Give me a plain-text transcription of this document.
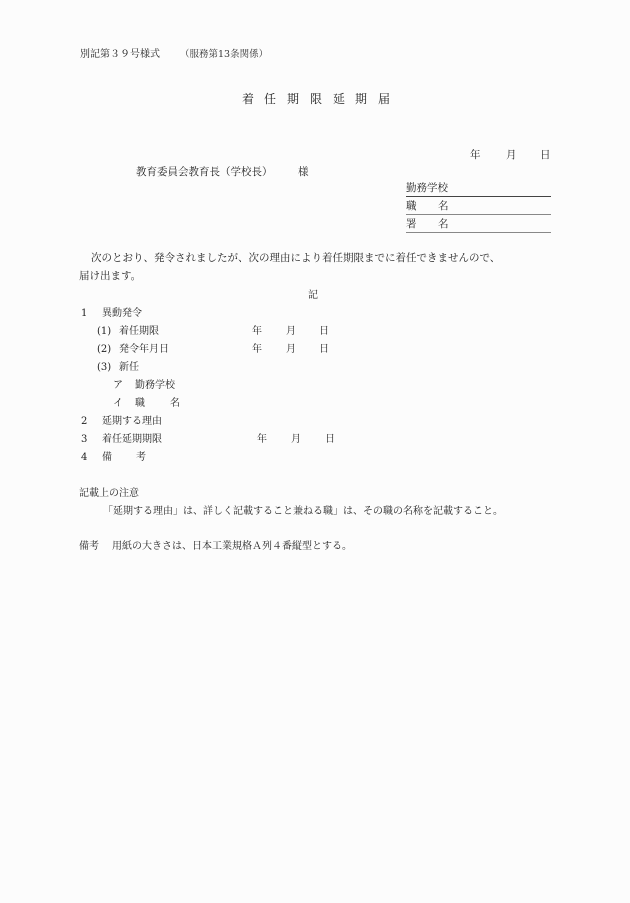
別記第３９号様式 （服務第13条関係）
着 任 期 限 延 期 届
年 月 日
教育委員会教育長（学校長） 様
勤務学校
職 名
署 名
次のとおり、発令されましたが、次の理由により着任期限までに着任できませんので、
届け出ます。
記
1 異動発令
(1) 着任期限	年 月 日
(2) 発令年月日	年 月 日
(3) 新任
ア 勤務学校
イ 職	名
2 延期する理由
3 着任延期期限	年 月 日
4 備 考
記載上の注意
「延期する理由」は、詳しく記載すること兼ねる職」は、その職の名称を記載すること。
備考 用紙の大きさは、日本工業規格Ａ列４番縦型とする。
